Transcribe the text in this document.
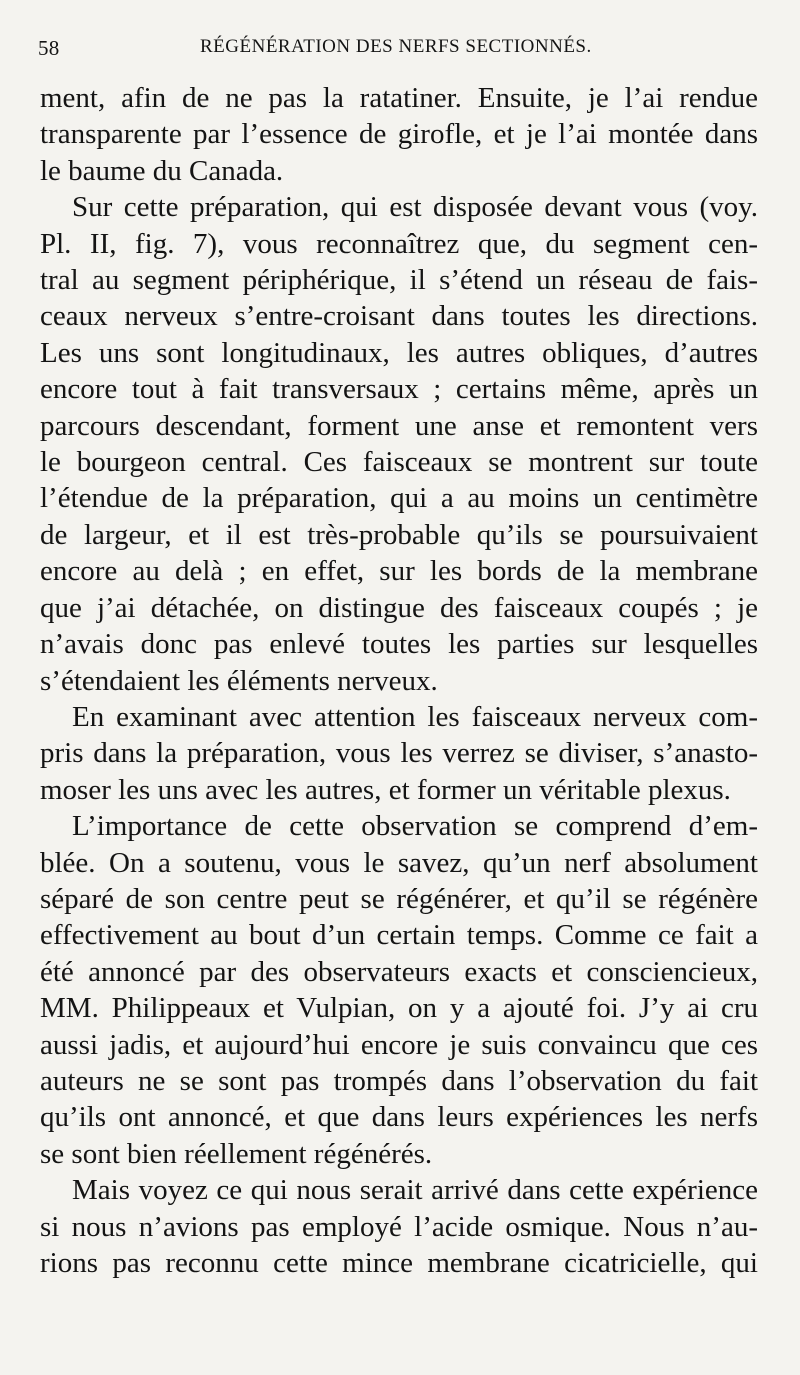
58	RÉGÉNÉRATION DES NERFS SECTIONNÉS.

ment, afin de ne pas la ratatiner. Ensuite, je l’ai rendue
transparente par l’essence de girofle, et je l’ai montée dans
le baume du Canada.

Sur cette préparation, qui est disposée devant vous (voy.
Pl. II, fig. 7), vous reconnaîtrez que, du segment cen-
tral au segment périphérique, il s’étend un réseau de fais-
ceaux nerveux s’entre-croisant dans toutes les directions.
Les uns sont longitudinaux, les autres obliques, d’autres
encore tout à fait transversaux ; certains même, après un
parcours descendant, forment une anse et remontent vers
le bourgeon central. Ces faisceaux se montrent sur toute
l’étendue de la préparation, qui a au moins un centimètre
de largeur, et il est très-probable qu’ils se poursuivaient
encore au delà ; en effet, sur les bords de la membrane
que j’ai détachée, on distingue des faisceaux coupés ; je
n’avais donc pas enlevé toutes les parties sur lesquelles
s’étendaient les éléments nerveux.

En examinant avec attention les faisceaux nerveux com-
pris dans la préparation, vous les verrez se diviser, s’anasto-
moser les uns avec les autres, et former un véritable plexus.

L’importance de cette observation se comprend d’em-
blée. On a soutenu, vous le savez, qu’un nerf absolument
séparé de son centre peut se régénérer, et qu’il se régénère
effectivement au bout d’un certain temps. Comme ce fait a
été annoncé par des observateurs exacts et consciencieux,
MM. Philippeaux et Vulpian, on y a ajouté foi. J’y ai cru
aussi jadis, et aujourd’hui encore je suis convaincu que ces
auteurs ne se sont pas trompés dans l’observation du fait
qu’ils ont annoncé, et que dans leurs expériences les nerfs
se sont bien réellement régénérés.

Mais voyez ce qui nous serait arrivé dans cette expérience
si nous n’avions pas employé l’acide osmique. Nous n’au-
rions pas reconnu cette mince membrane cicatricielle, qui
